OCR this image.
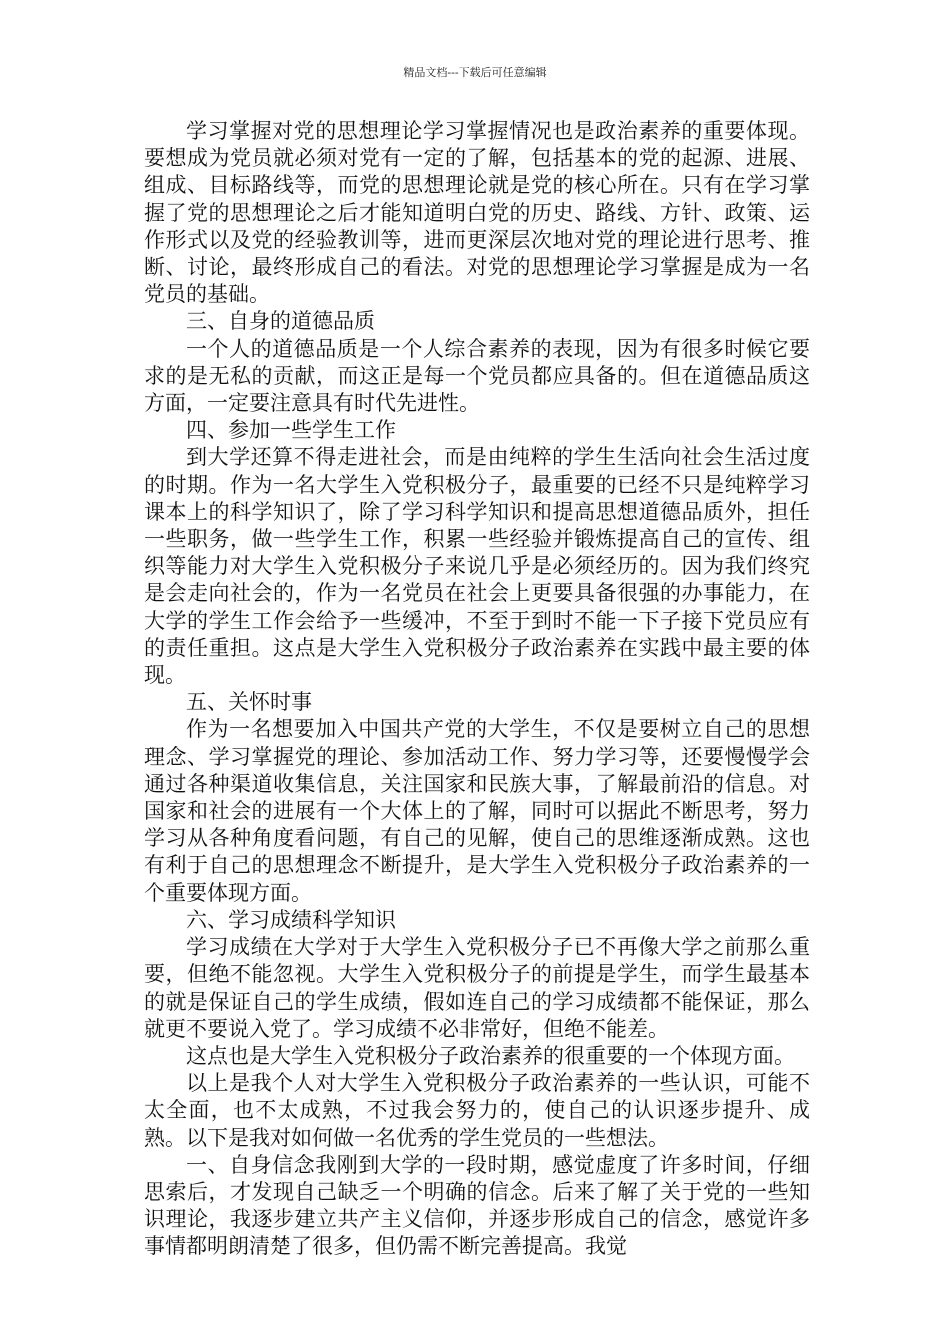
精品文档---下载后可任意编辑

学习掌握对党的思想理论学习掌握情况也是政治素养的重要体现。要想成为党员就必须对党有一定的了解，包括基本的党的起源、进展、组成、目标路线等，而党的思想理论就是党的核心所在。只有在学习掌握了党的思想理论之后才能知道明白党的历史、路线、方针、政策、运作形式以及党的经验教训等，进而更深层次地对党的理论进行思考、推断、讨论，最终形成自己的看法。对党的思想理论学习掌握是成为一名党员的基础。

三、自身的道德品质

一个人的道德品质是一个人综合素养的表现，因为有很多时候它要求的是无私的贡献，而这正是每一个党员都应具备的。但在道德品质这方面，一定要注意具有时代先进性。

四、参加一些学生工作

到大学还算不得走进社会，而是由纯粹的学生生活向社会生活过度的时期。作为一名大学生入党积极分子，最重要的已经不只是纯粹学习课本上的科学知识了，除了学习科学知识和提高思想道德品质外，担任一些职务，做一些学生工作，积累一些经验并锻炼提高自己的宣传、组织等能力对大学生入党积极分子来说几乎是必须经历的。因为我们终究是会走向社会的，作为一名党员在社会上更要具备很强的办事能力，在大学的学生工作会给予一些缓冲，不至于到时不能一下子接下党员应有的责任重担。这点是大学生入党积极分子政治素养在实践中最主要的体现。

五、关怀时事

作为一名想要加入中国共产党的大学生，不仅是要树立自己的思想理念、学习掌握党的理论、参加活动工作、努力学习等，还要慢慢学会通过各种渠道收集信息，关注国家和民族大事，了解最前沿的信息。对国家和社会的进展有一个大体上的了解，同时可以据此不断思考，努力学习从各种角度看问题，有自己的见解，使自己的思维逐渐成熟。这也有利于自己的思想理念不断提升，是大学生入党积极分子政治素养的一个重要体现方面。

六、学习成绩科学知识

学习成绩在大学对于大学生入党积极分子已不再像大学之前那么重要，但绝不能忽视。大学生入党积极分子的前提是学生，而学生最基本的就是保证自己的学生成绩，假如连自己的学习成绩都不能保证，那么就更不要说入党了。学习成绩不必非常好，但绝不能差。

这点也是大学生入党积极分子政治素养的很重要的一个体现方面。

以上是我个人对大学生入党积极分子政治素养的一些认识，可能不太全面，也不太成熟，不过我会努力的，使自己的认识逐步提升、成熟。以下是我对如何做一名优秀的学生党员的一些想法。

一、自身信念我刚到大学的一段时期，感觉虚度了许多时间，仔细思索后，才发现自己缺乏一个明确的信念。后来了解了关于党的一些知识理论，我逐步建立共产主义信仰，并逐步形成自己的信念，感觉许多事情都明朗清楚了很多，但仍需不断完善提高。我觉
